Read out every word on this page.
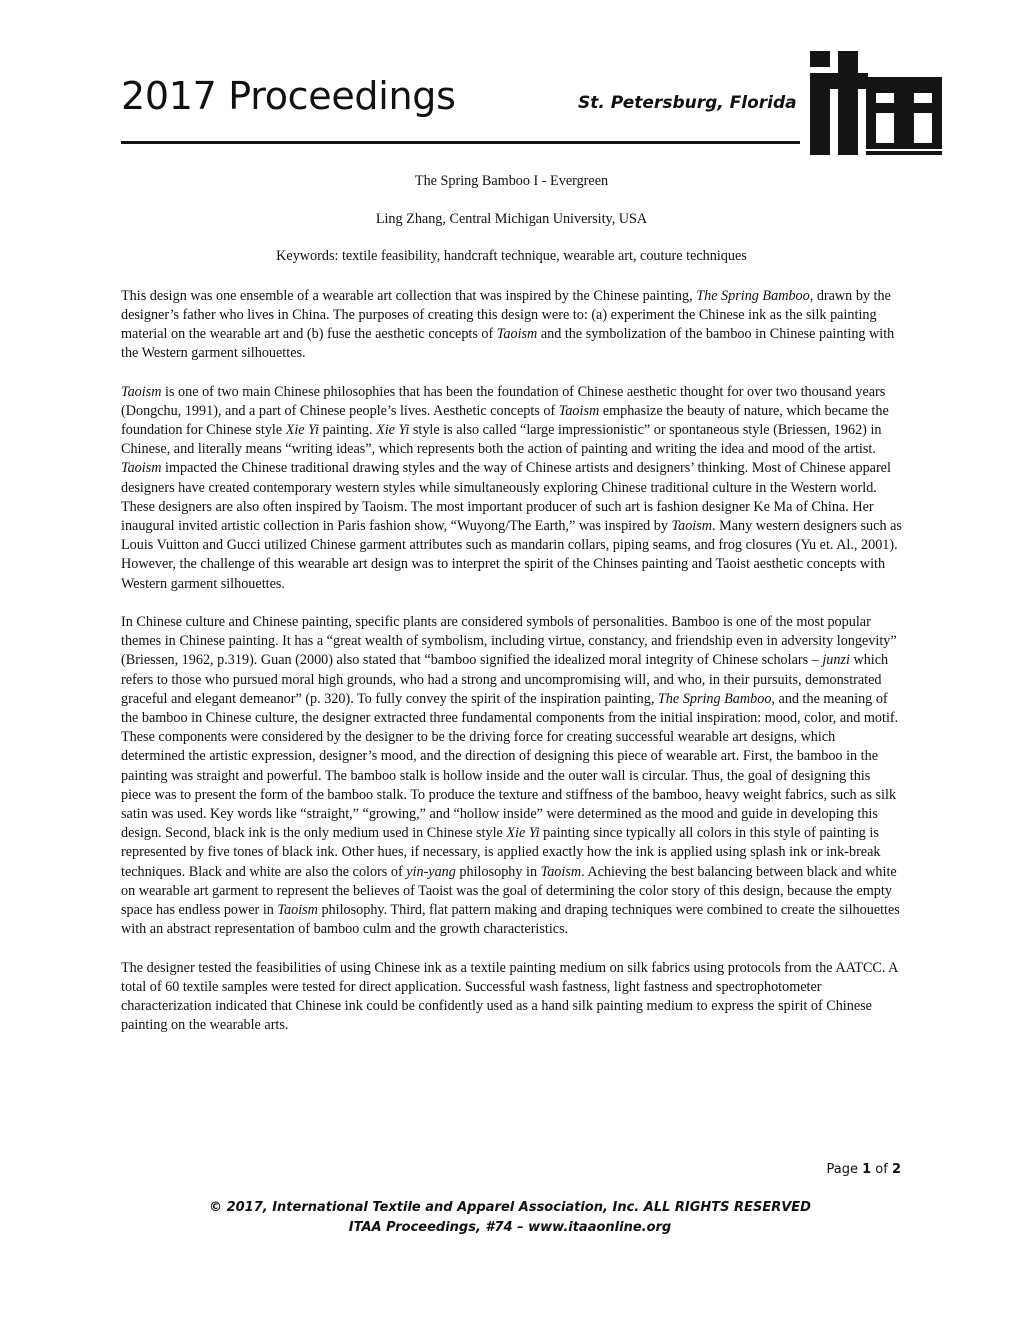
2017 Proceedings	St. Petersburg, Florida
itaa

The Spring Bamboo I - Evergreen

Ling Zhang, Central Michigan University, USA

Keywords: textile feasibility, handcraft technique, wearable art, couture techniques

This design was one ensemble of a wearable art collection that was inspired by the Chinese painting, The Spring Bamboo, drawn by the designer’s father who lives in China. The purposes of creating this design were to: (a) experiment the Chinese ink as the silk painting material on the wearable art and (b) fuse the aesthetic concepts of Taoism and the symbolization of the bamboo in Chinese painting with the Western garment silhouettes.

Taoism is one of two main Chinese philosophies that has been the foundation of Chinese aesthetic thought for over two thousand years (Dongchu, 1991), and a part of Chinese people’s lives. Aesthetic concepts of Taoism emphasize the beauty of nature, which became the foundation for Chinese style Xie Yi painting. Xie Yi style is also called “large impressionistic” or spontaneous style (Briessen, 1962) in Chinese, and literally means “writing ideas”, which represents both the action of painting and writing the idea and mood of the artist. Taoism impacted the Chinese traditional drawing styles and the way of Chinese artists and designers’ thinking. Most of Chinese apparel designers have created contemporary western styles while simultaneously exploring Chinese traditional culture in the Western world. These designers are also often inspired by Taoism. The most important producer of such art is fashion designer Ke Ma of China. Her inaugural invited artistic collection in Paris fashion show, “Wuyong/The Earth,” was inspired by Taoism. Many western designers such as Louis Vuitton and Gucci utilized Chinese garment attributes such as mandarin collars, piping seams, and frog closures (Yu et. Al., 2001). However, the challenge of this wearable art design was to interpret the spirit of the Chinses painting and Taoist aesthetic concepts with Western garment silhouettes.

In Chinese culture and Chinese painting, specific plants are considered symbols of personalities. Bamboo is one of the most popular themes in Chinese painting. It has a “great wealth of symbolism, including virtue, constancy, and friendship even in adversity longevity” (Briessen, 1962, p.319). Guan (2000) also stated that “bamboo signified the idealized moral integrity of Chinese scholars – junzi which refers to those who pursued moral high grounds, who had a strong and uncompromising will, and who, in their pursuits, demonstrated graceful and elegant demeanor” (p. 320). To fully convey the spirit of the inspiration painting, The Spring Bamboo, and the meaning of the bamboo in Chinese culture, the designer extracted three fundamental components from the initial inspiration: mood, color, and motif. These components were considered by the designer to be the driving force for creating successful wearable art designs, which determined the artistic expression, designer’s mood, and the direction of designing this piece of wearable art. First, the bamboo in the painting was straight and powerful. The bamboo stalk is hollow inside and the outer wall is circular. Thus, the goal of designing this piece was to present the form of the bamboo stalk. To produce the texture and stiffness of the bamboo, heavy weight fabrics, such as silk satin was used. Key words like “straight,” “growing,” and “hollow inside” were determined as the mood and guide in developing this design. Second, black ink is the only medium used in Chinese style Xie Yi painting since typically all colors in this style of painting is represented by five tones of black ink. Other hues, if necessary, is applied exactly how the ink is applied using splash ink or ink-break techniques. Black and white are also the colors of yin-yang philosophy in Taoism. Achieving the best balancing between black and white on wearable art garment to represent the believes of Taoist was the goal of determining the color story of this design, because the empty space has endless power in Taoism philosophy. Third, flat pattern making and draping techniques were combined to create the silhouettes with an abstract representation of bamboo culm and the growth characteristics.

The designer tested the feasibilities of using Chinese ink as a textile painting medium on silk fabrics using protocols from the AATCC. A total of 60 textile samples were tested for direct application. Successful wash fastness, light fastness and spectrophotometer characterization indicated that Chinese ink could be confidently used as a hand silk painting medium to express the spirit of Chinese painting on the wearable arts.

Page 1 of 2
© 2017, International Textile and Apparel Association, Inc. ALL RIGHTS RESERVED
ITAA Proceedings, #74 – www.itaaonline.org
